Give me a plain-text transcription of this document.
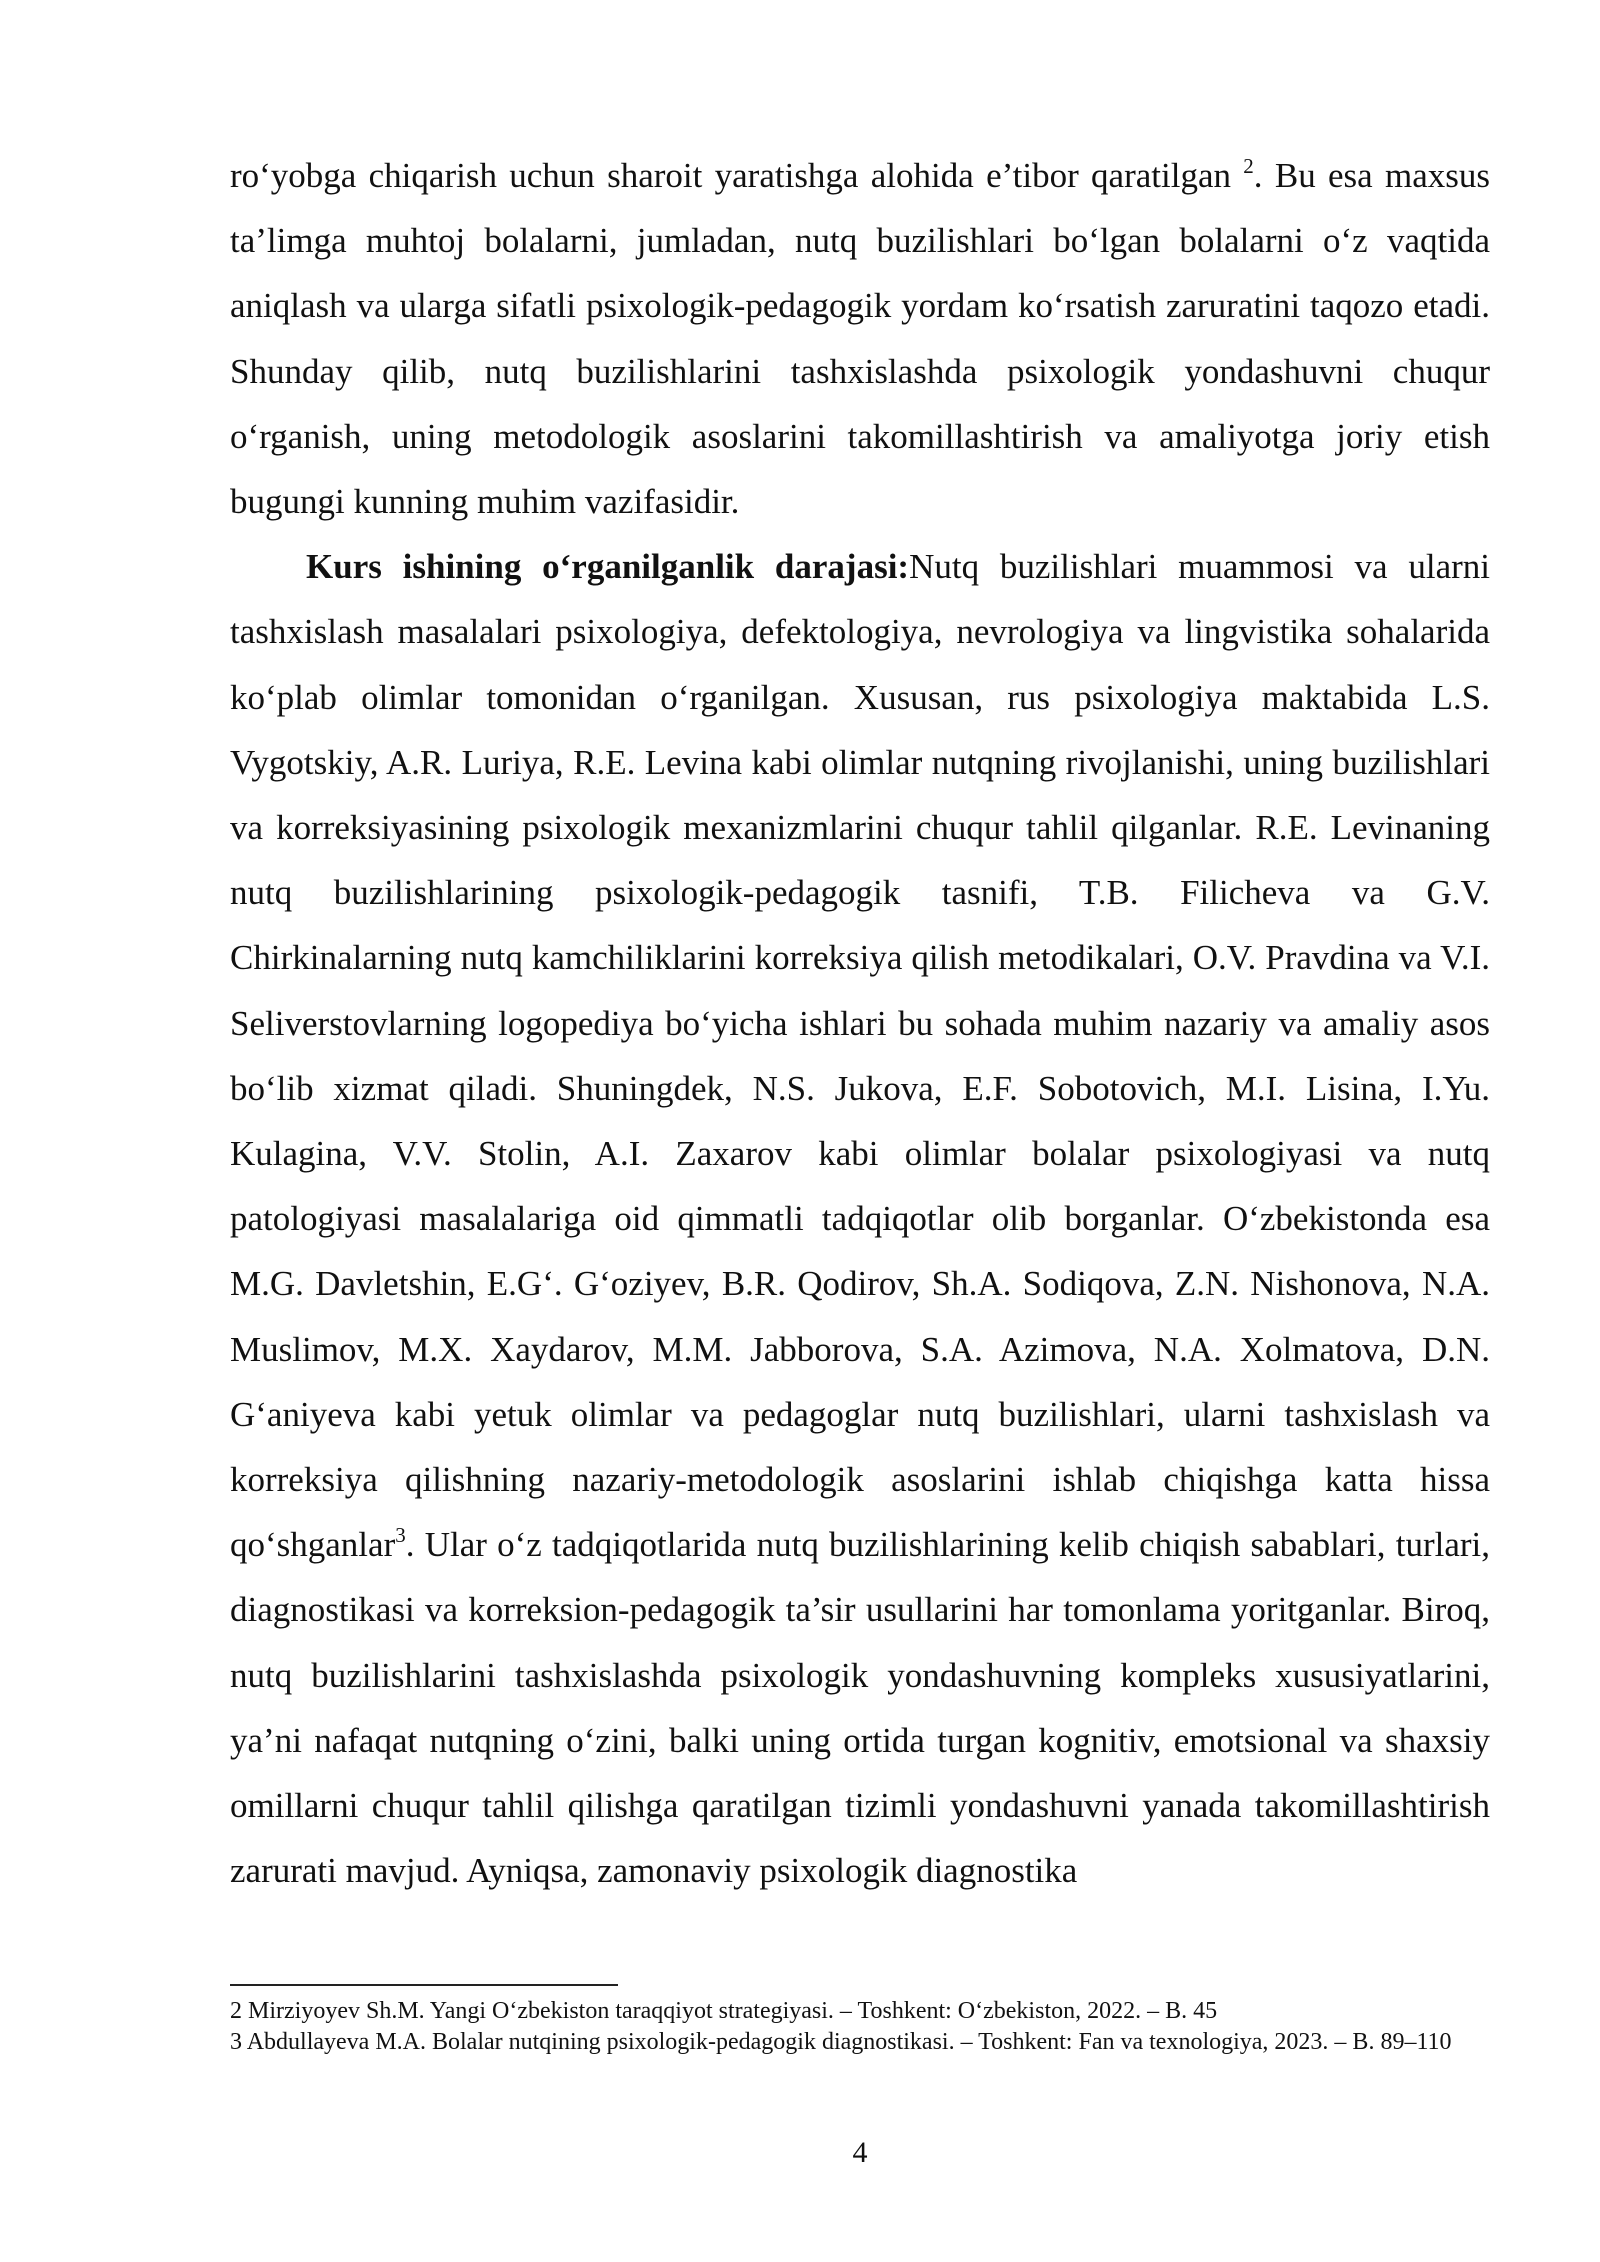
ro‘yobga chiqarish uchun sharoit yaratishga alohida e’tibor qaratilgan $^2$. Bu esa maxsus ta’limga muhtoj bolalarni, jumladan, nutq buzilishlari bo‘lgan bolalarni o‘z vaqtida aniqlash va ularga sifatli psixologik-pedagogik yordam ko‘rsatish zaruratini taqozo etadi. Shunday qilib, nutq buzilishlarini tashxislashda psixologik yondashuvni chuqur o‘rganish, uning metodologik asoslarini takomillashtirish va amaliyotga joriy etish bugungi kunning muhim vazifasidir.

Kurs ishining o‘rganilganlik darajasi:Nutq buzilishlari muammosi va ularni tashxislash masalalari psixologiya, defektologiya, nevrologiya va lingvistika sohalarida ko‘plab olimlar tomonidan o‘rganilgan. Xususan, rus psixologiya maktabida L.S. Vygotskiy, A.R. Luriya, R.E. Levina kabi olimlar nutqning rivojlanishi, uning buzilishlari va korreksiyasining psixologik mexanizmlarini chuqur tahlil qilganlar. R.E. Levinaning nutq buzilishlarining psixologik-pedagogik tasnifi, T.B. Filicheva va G.V. Chirkinalarning nutq kamchiliklarini korreksiya qilish metodikalari, O.V. Pravdina va V.I. Seliverstovlarning logopediya bo‘yicha ishlari bu sohada muhim nazariy va amaliy asos bo‘lib xizmat qiladi. Shuningdek, N.S. Jukova, E.F. Sobotovich, M.I. Lisina, I.Yu. Kulagina, V.V. Stolin, A.I. Zaxarov kabi olimlar bolalar psixologiyasi va nutq patologiyasi masalalariga oid qimmatli tadqiqotlar olib borganlar. O‘zbekistonda esa M.G. Davletshin, E.G‘. G‘oziyev, B.R. Qodirov, Sh.A. Sodiqova, Z.N. Nishonova, N.A. Muslimov, M.X. Xaydarov, M.M. Jabborova, S.A. Azimova, N.A. Xolmatova, D.N. G‘aniyeva kabi yetuk olimlar va pedagoglar nutq buzilishlari, ularni tashxislash va korreksiya qilishning nazariy-metodologik asoslarini ishlab chiqishga katta hissa qo‘shganlar$^3$. Ular o‘z tadqiqotlarida nutq buzilishlarining kelib chiqish sabablari, turlari, diagnostikasi va korreksion-pedagogik ta’sir usullarini har tomonlama yoritganlar. Biroq, nutq buzilishlarini tashxislashda psixologik yondashuvning kompleks xususiyatlarini, ya’ni nafaqat nutqning o‘zini, balki uning ortida turgan kognitiv, emotsional va shaxsiy omillarni chuqur tahlil qilishga qaratilgan tizimli yondashuvni yanada takomillashtirish zarurati mavjud. Ayniqsa, zamonaviy psixologik diagnostika

2 Mirziyoyev Sh.M. Yangi O‘zbekiston taraqqiyot strategiyasi. – Toshkent: O‘zbekiston, 2022. – B. 45

3 Abdullayeva M.A. Bolalar nutqining psixologik-pedagogik diagnostikasi. – Toshkent: Fan va texnologiya, 2023. – B. 89–110

4
